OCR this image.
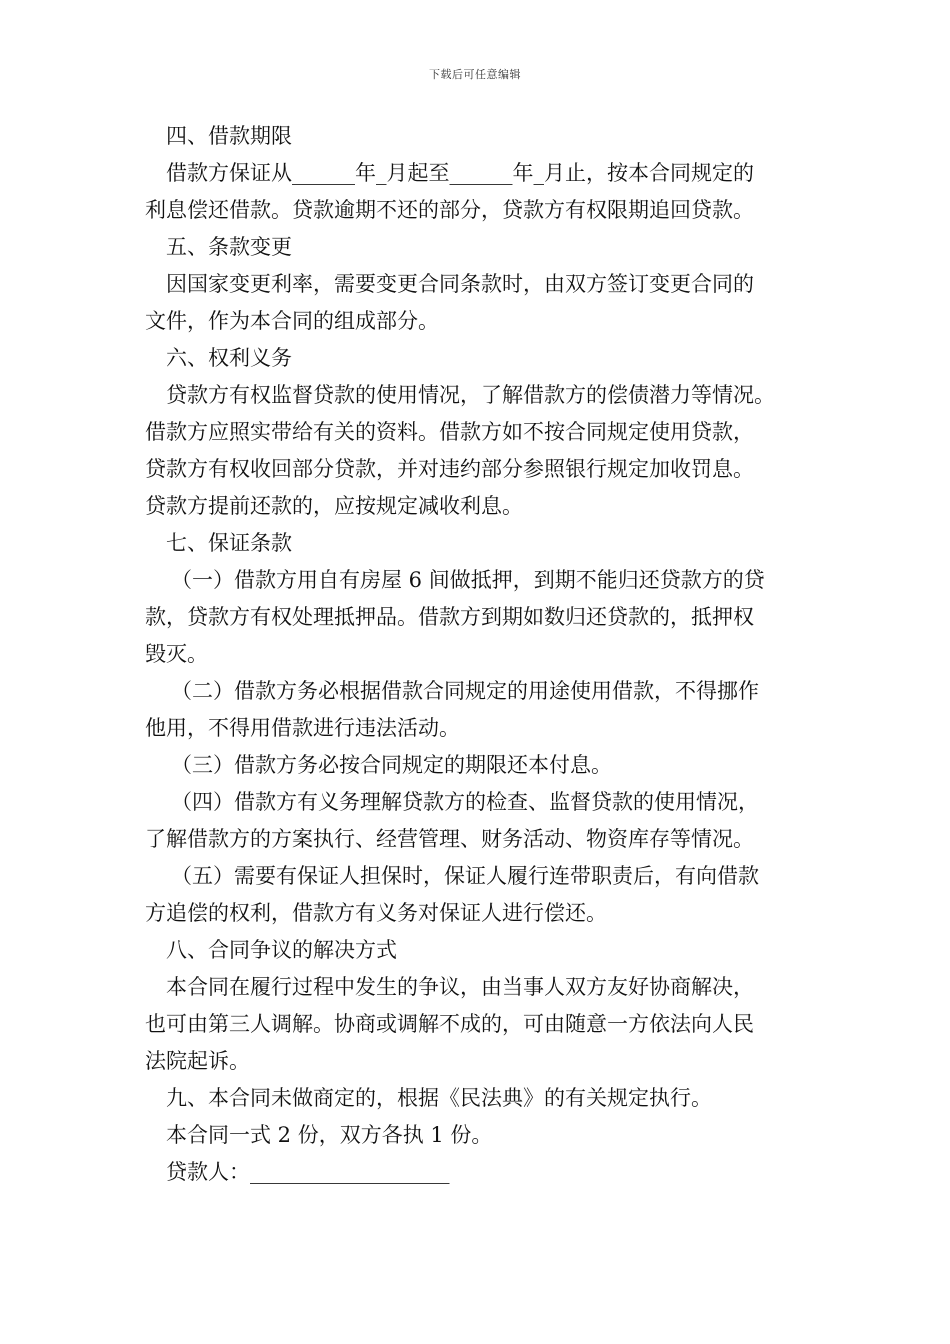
下载后可任意编辑
四、借款期限
借款方保证从______年_月起至______年_月止，按本合同规定的
利息偿还借款。贷款逾期不还的部分，贷款方有权限期追回贷款。
五、条款变更
因国家变更利率，需要变更合同条款时，由双方签订变更合同的
文件，作为本合同的组成部分。
六、权利义务
贷款方有权监督贷款的使用情况，了解借款方的偿债潜力等情况。
借款方应照实带给有关的资料。借款方如不按合同规定使用贷款，
贷款方有权收回部分贷款，并对违约部分参照银行规定加收罚息。
贷款方提前还款的，应按规定减收利息。
七、保证条款
（一）借款方用自有房屋 6 间做抵押，到期不能归还贷款方的贷
款，贷款方有权处理抵押品。借款方到期如数归还贷款的，抵押权
毁灭。
（二）借款方务必根据借款合同规定的用途使用借款，不得挪作
他用，不得用借款进行违法活动。
（三）借款方务必按合同规定的期限还本付息。
（四）借款方有义务理解贷款方的检查、监督贷款的使用情况，
了解借款方的方案执行、经营管理、财务活动、物资库存等情况。
（五）需要有保证人担保时，保证人履行连带职责后，有向借款
方追偿的权利，借款方有义务对保证人进行偿还。
八、合同争议的解决方式
本合同在履行过程中发生的争议，由当事人双方友好协商解决，
也可由第三人调解。协商或调解不成的，可由随意一方依法向人民
法院起诉。
九、本合同未做商定的，根据《民法典》的有关规定执行。
本合同一式 2 份，双方各执 1 份。
贷款人：___________________
